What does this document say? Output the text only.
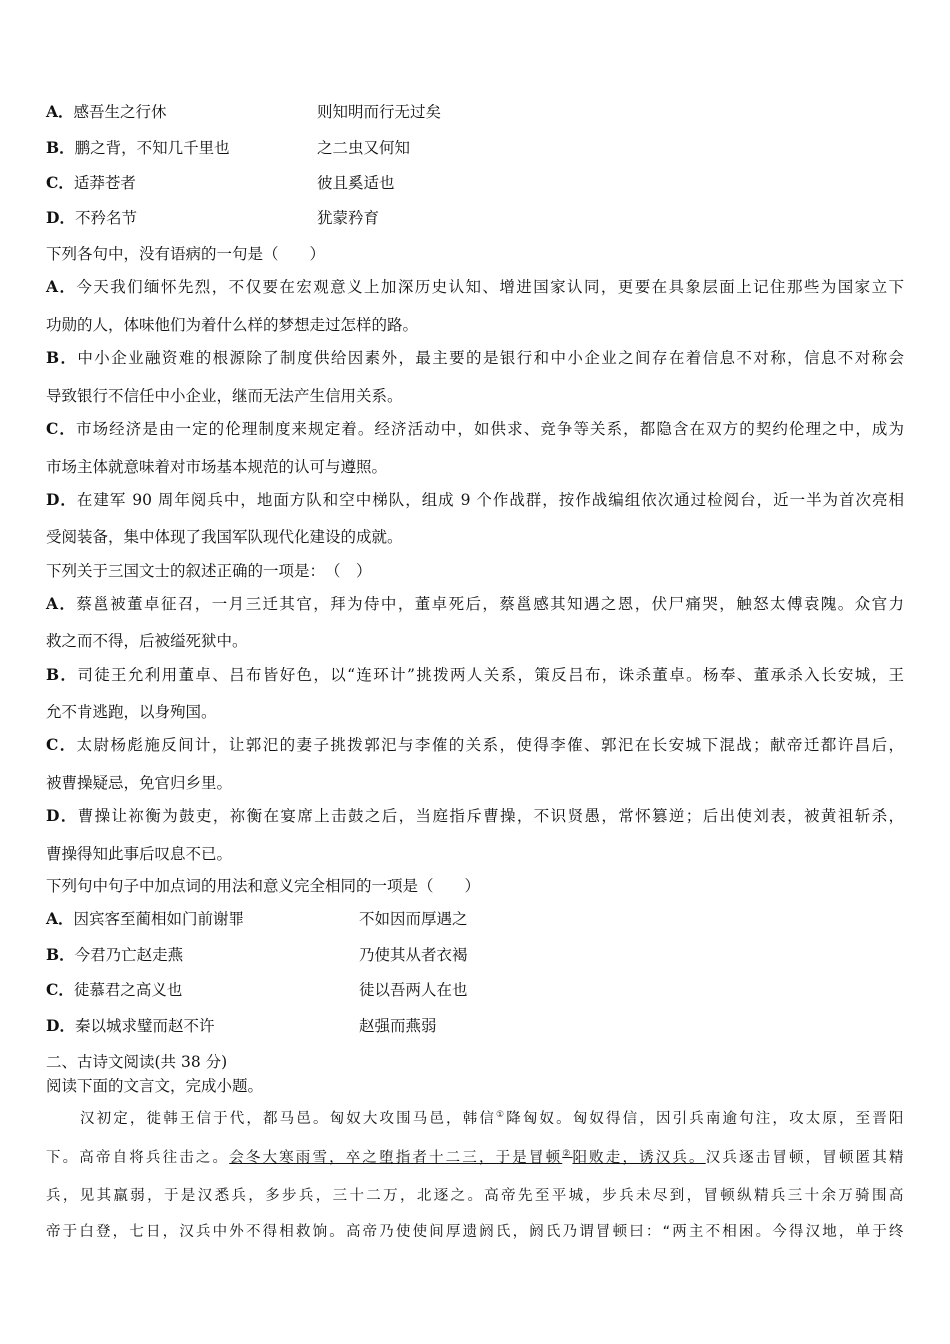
A．感吾生之行休	则知明而行无过矣
B．鹏之背，不知几千里也	之二虫又何知
C．适莽苍者	彼且奚适也
D．不矜名节	犹蒙矜育
下列各句中，没有语病的一句是（　　）
A．今天我们缅怀先烈，不仅要在宏观意义上加深历史认知、增进国家认同，更要在具象层面上记住那些为国家立下
功勋的人，体味他们为着什么样的梦想走过怎样的路。
B．中小企业融资难的根源除了制度供给因素外，最主要的是银行和中小企业之间存在着信息不对称，信息不对称会
导致银行不信任中小企业，继而无法产生信用关系。
C．市场经济是由一定的伦理制度来规定着。经济活动中，如供求、竞争等关系，都隐含在双方的契约伦理之中，成为
市场主体就意味着对市场基本规范的认可与遵照。
D．在建军 90 周年阅兵中，地面方队和空中梯队，组成 9 个作战群，按作战编组依次通过检阅台，近一半为首次亮相
受阅装备，集中体现了我国军队现代化建设的成就。
下列关于三国文士的叙述正确的一项是：　（　）
A．蔡邕被董卓征召，一月三迁其官，拜为侍中，董卓死后，蔡邕感其知遇之恩，伏尸痛哭，触怒太傅袁隗。众官力
救之而不得，后被缢死狱中。
B．司徒王允利用董卓、吕布皆好色，以“连环计”挑拨两人关系，策反吕布，诛杀董卓。杨奉、董承杀入长安城，王
允不肯逃跑，以身殉国。
C．太尉杨彪施反间计，让郭汜的妻子挑拨郭汜与李傕的关系，使得李傕、郭汜在长安城下混战；献帝迁都许昌后，
被曹操疑忌，免官归乡里。
D．曹操让祢衡为鼓吏，祢衡在宴席上击鼓之后，当庭指斥曹操，不识贤愚，常怀篡逆；后出使刘表，被黄祖斩杀，
曹操得知此事后叹息不已。
下列句中句子中加点词的用法和意义完全相同的一项是（　　）
A．因宾客至蔺相如门前谢罪	不如因而厚遇之
B．今君乃亡赵走燕	乃使其从者衣褐
C．徒慕君之高义也	徒以吾两人在也
D．秦以城求璧而赵不许	赵强而燕弱
二、古诗文阅读(共 38 分)
阅读下面的文言文，完成小题。
汉初定，徙韩王信于代，都马邑。匈奴大攻围马邑，韩信①降匈奴。匈奴得信，因引兵南逾句注，攻太原，至晋阳
下。高帝自将兵往击之。会冬大寒雨雪，卒之堕指者十二三，于是冒顿②阳败走，诱汉兵。汉兵逐击冒顿，冒顿匿其精
兵，见其羸弱，于是汉悉兵，多步兵，三十二万，北逐之。高帝先至平城，步兵未尽到，冒顿纵精兵三十余万骑围高
帝于白登，七日，汉兵中外不得相救饷。高帝乃使使间厚遗阏氏，阏氏乃谓冒顿曰：“两主不相困。今得汉地，单于终
